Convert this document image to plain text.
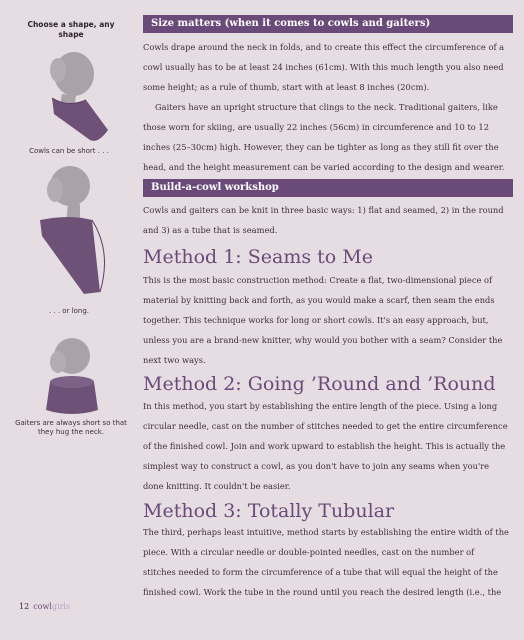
Choose a shape, any shape
Cowls can be short . . .
. . . or long.
Gaiters are always short so that they hug the neck.
Size matters (when it comes to cowls and gaiters)

Cowls drape around the neck in folds, and to create this effect the circumference of a cowl usually has to be at least 24 inches (61cm). With this much length you also need some height; as a rule of thumb, start with at least 8 inches (20cm).

Gaiters have an upright structure that clings to the neck. Traditional gaiters, like those worn for skiing, are usually 22 inches (56cm) in circumference and 10 to 12 inches (25–30cm) high. However, they can be tighter as long as they still fit over the head, and the height measurement can be varied according to the design and wearer.

Build-a-cowl workshop

Cowls and gaiters can be knit in three basic ways: 1) flat and seamed, 2) in the round and 3) as a tube that is seamed.

Method 1: Seams to Me

This is the most basic construction method: Create a flat, two-dimensional piece of material by knitting back and forth, as you would make a scarf, then seam the ends together. This technique works for long or short cowls. It's an easy approach, but, unless you are a brand-new knitter, why would you bother with a seam? Consider the next two ways.

Method 2: Going ’Round and ’Round

In this method, you start by establishing the entire length of the piece. Using a long circular needle, cast on the number of stitches needed to get the entire circumference of the finished cowl. Join and work upward to establish the height. This is actually the simplest way to construct a cowl, as you don't have to join any seams when you're done knitting. It couldn't be easier.

Method 3: Totally Tubular

The third, perhaps least intuitive, method starts by establishing the entire width of the piece. With a circular needle or double-pointed needles, cast on the number of stitches needed to form the circumference of a tube that will equal the height of the finished cowl. Work the tube in the round until you reach the desired length (i.e., the

12 cowlgirls
